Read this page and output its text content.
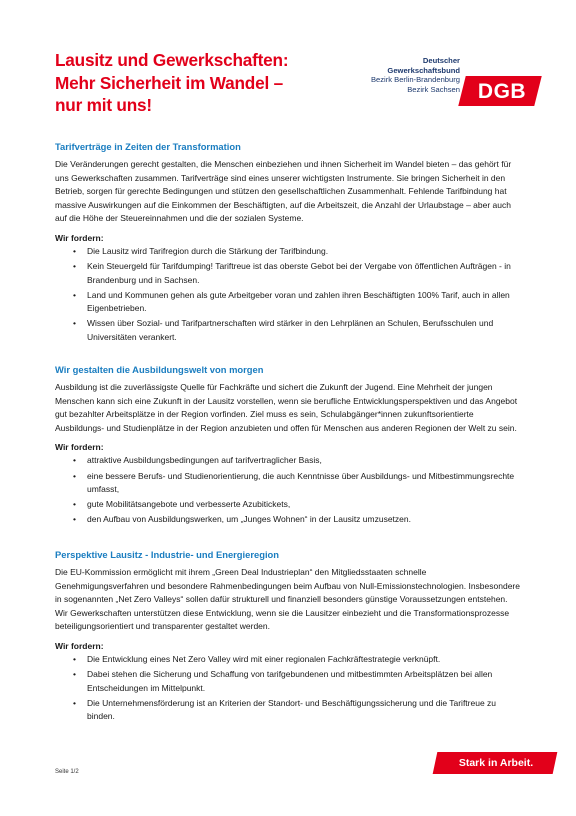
Lausitz und Gewerkschaften:
Mehr Sicherheit im Wandel –
nur mit uns!
Deutscher
Gewerkschaftsbund
Bezirk Berlin-Brandenburg
Bezirk Sachsen DGB
Tarifverträge in Zeiten der Transformation

Die Veränderungen gerecht gestalten, die Menschen einbeziehen und ihnen Sicherheit im Wandel bieten – das gehört für uns Gewerkschaften zusammen. Tarifverträge sind eines unserer wichtigsten Instrumente. Sie bringen Sicherheit in den Betrieb, sorgen für gerechte Bedingungen und stützen den gesellschaftlichen Zusammenhalt. Fehlende Tarifbindung hat massive Auswirkungen auf die Einkommen der Beschäftigten, auf die Arbeitszeit, die Anzahl der Urlaubstage – aber auch auf die Höhe der Steuereinnahmen und die der sozialen Systeme.

Wir fordern:
• Die Lausitz wird Tarifregion durch die Stärkung der Tarifbindung.
• Kein Steuergeld für Tarifdumping! Tariftreue ist das oberste Gebot bei der Vergabe von öffentlichen Aufträgen - in Brandenburg und in Sachsen.
• Land und Kommunen gehen als gute Arbeitgeber voran und zahlen ihren Beschäftigten 100% Tarif, auch in allen Eigenbetrieben.
• Wissen über Sozial- und Tarifpartnerschaften wird stärker in den Lehrplänen an Schulen, Berufsschulen und Universitäten verankert.
Wir gestalten die Ausbildungswelt von morgen

Ausbildung ist die zuverlässigste Quelle für Fachkräfte und sichert die Zukunft der Jugend. Eine Mehrheit der jungen Menschen kann sich eine Zukunft in der Lausitz vorstellen, wenn sie berufliche Entwicklungsperspektiven und das Angebot gut bezahlter Arbeitsplätze in der Region vorfinden. Ziel muss es sein, Schulabgänger*innen zukunftsorientierte Ausbildungs- und Studienplätze in der Region anzubieten und offen für Menschen aus anderen Regionen der Welt zu sein.

Wir fordern:
• attraktive Ausbildungsbedingungen auf tarifvertraglicher Basis,
• eine bessere Berufs- und Studienorientierung, die auch Kenntnisse über Ausbildungs- und Mitbestimmungsrechte umfasst,
• gute Mobilitätsangebote und verbesserte Azubitickets,
• den Aufbau von Ausbildungswerken, um „Junges Wohnen“ in der Lausitz umzusetzen.
Perspektive Lausitz - Industrie- und Energieregion

Die EU-Kommission ermöglicht mit ihrem „Green Deal Industrieplan“ den Mitgliedsstaaten schnelle Genehmigungsverfahren und besondere Rahmenbedingungen beim Aufbau von Null-Emissionstechnologien. Insbesondere in sogenannten „Net Zero Valleys“ sollen dafür strukturell und finanziell besonders günstige Voraussetzungen entstehen. Wir Gewerkschaften unterstützen diese Entwicklung, wenn sie die Lausitzer einbezieht und die Transformationsprozesse beteiligungsorientiert und transparenter gestaltet werden.

Wir fordern:
• Die Entwicklung eines Net Zero Valley wird mit einer regionalen Fachkräftestrategie verknüpft.
• Dabei stehen die Sicherung und Schaffung von tarifgebundenen und mitbestimmten Arbeitsplätzen bei allen Entscheidungen im Mittelpunkt.
• Die Unternehmensförderung ist an Kriterien der Standort- und Beschäftigungssicherung und die Tariftreue zu binden.
Seite 1/2
Stark in Arbeit.
